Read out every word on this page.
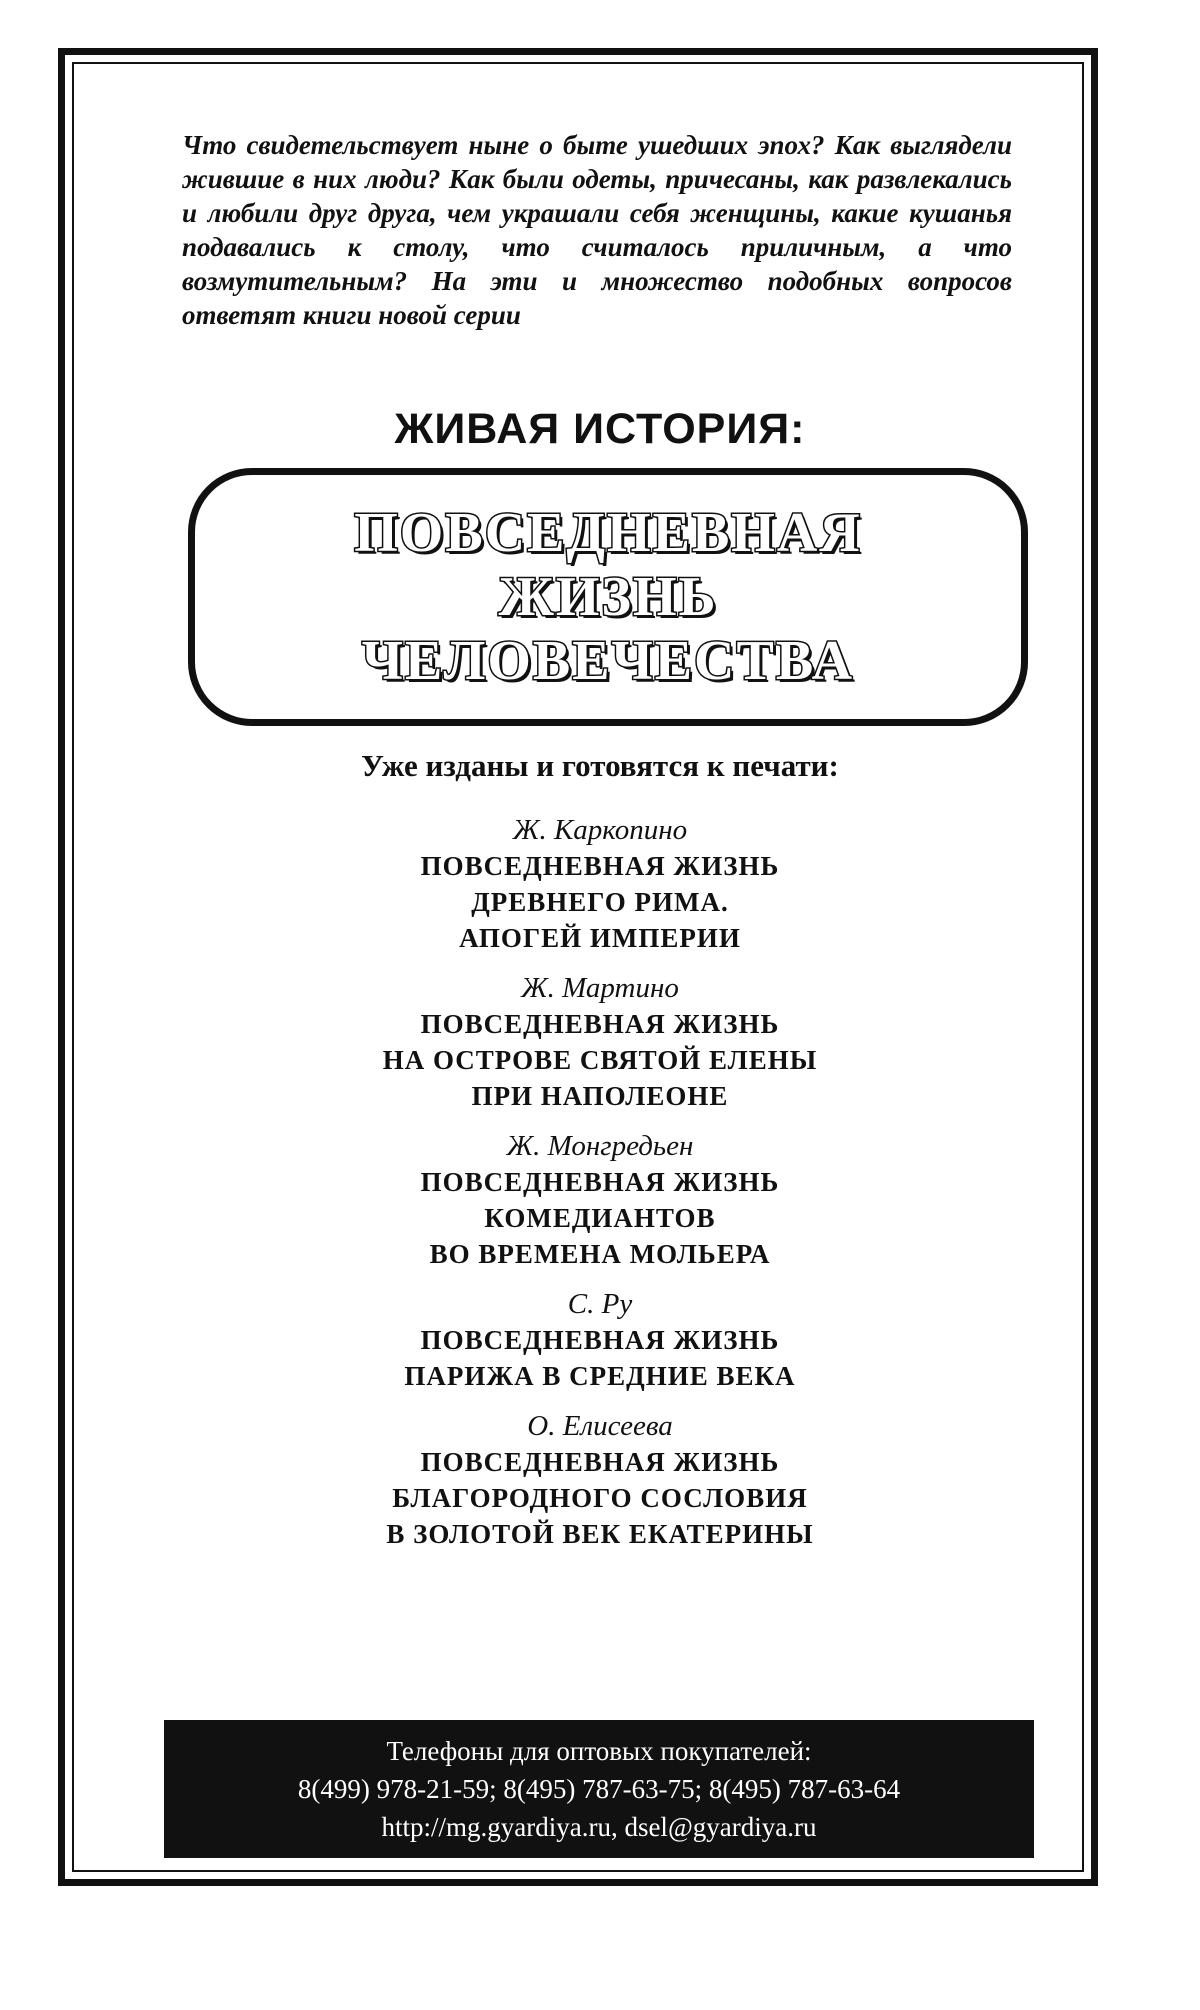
Что свидетельствует ныне о быте ушедших эпох? Как выглядели жившие в них люди? Как были одеты, причесаны, как развлекались и любили друг друга, чем украшали себя женщины, какие кушанья подавались к столу, что считалось приличным, а что возмутительным? На эти и множество подобных вопросов ответят книги новой серии

ЖИВАЯ ИСТОРИЯ:
ПОВСЕДНЕВНАЯ
ЖИЗНЬ
ЧЕЛОВЕЧЕСТВА
Уже изданы и готовятся к печати:
Ж. Каркопино
ПОВСЕДНЕВНАЯ ЖИЗНЬ
ДРЕВНЕГО РИМА.
АПОГЕЙ ИМПЕРИИ
Ж. Мартино
ПОВСЕДНЕВНАЯ ЖИЗНЬ
НА ОСТРОВЕ СВЯТОЙ ЕЛЕНЫ
ПРИ НАПОЛЕОНЕ
Ж. Монгредьен
ПОВСЕДНЕВНАЯ ЖИЗНЬ
КОМЕДИАНТОВ
ВО ВРЕМЕНА МОЛЬЕРА
С. Ру
ПОВСЕДНЕВНАЯ ЖИЗНЬ
ПАРИЖА В СРЕДНИЕ ВЕКА
О. Елисеева
ПОВСЕДНЕВНАЯ ЖИЗНЬ
БЛАГОРОДНОГО СОСЛОВИЯ
В ЗОЛОТОЙ ВЕК ЕКАТЕРИНЫ
Телефоны для оптовых покупателей:
8(499) 978-21-59; 8(495) 787-63-75; 8(495) 787-63-64
http://mg.gyardiya.ru, dsel@gyardiya.ru
